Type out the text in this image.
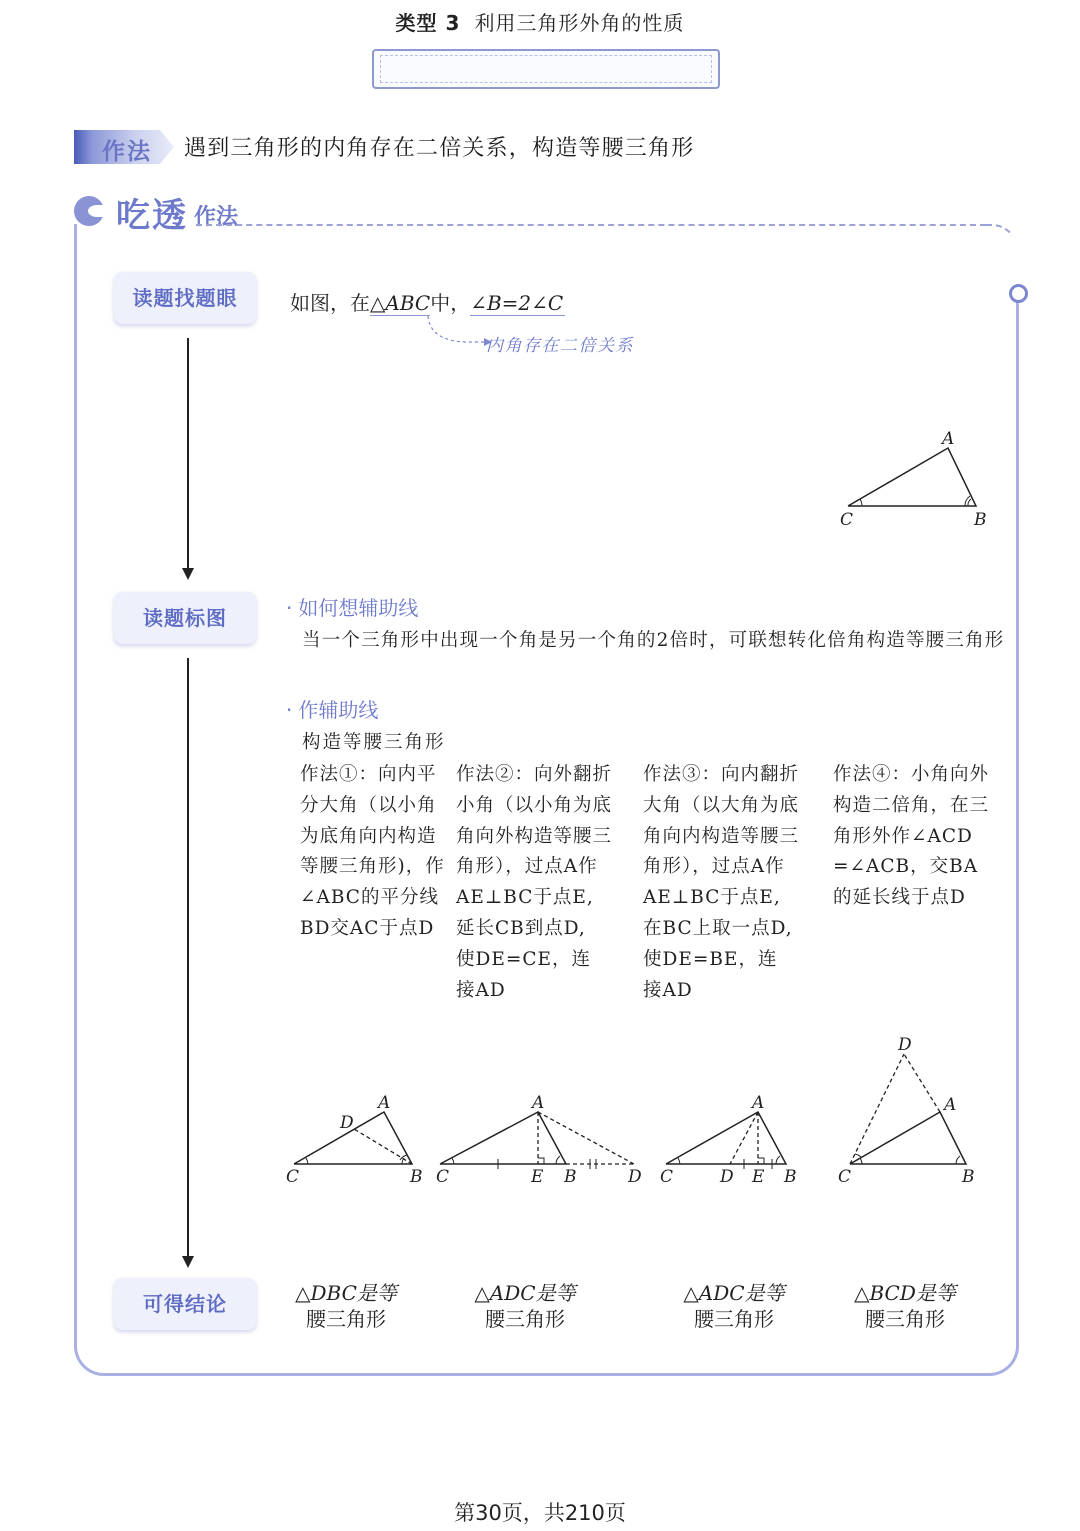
类型 3 利用三角形外角的性质
作法 遇到三角形的内角存在二倍关系，构造等腰三角形
吃透 作法
读题找题眼
读题标图
可得结论
如图，在△ABC中，∠B=2∠C
内角存在二倍关系
A
B
C
· 如何想辅助线
当一个三角形中出现一个角是另一个角的2倍时，可联想转化倍角构造等腰三角形
· 作辅助线
构造等腰三角形
作法①：向内平
分大角（以小角
为底角向内构造
等腰三角形)，作
∠ABC的平分线
BD交AC于点D
作法②：向外翻折
小角（以小角为底
角向外构造等腰三
角形），过点A作
AE⊥BC于点E,
延长CB到点D,
使DE=CE，连
接AD
作法③：向内翻折
大角（以大角为底
角向内构造等腰三
角形），过点A作
AE⊥BC于点E,
在BC上取一点D,
使DE=BE，连
接AD
作法④：小角向外
构造二倍角，在三
角形外作∠ACD
=∠ACB，交BA
的延长线于点D
A
D
C	B
A
C	E B	D
A
C	D E B
D
A
C	B
△DBC是等
腰三角形
△ADC是等
腰三角形
△ADC是等
腰三角形
△BCD是等
腰三角形
第30页，共210页
